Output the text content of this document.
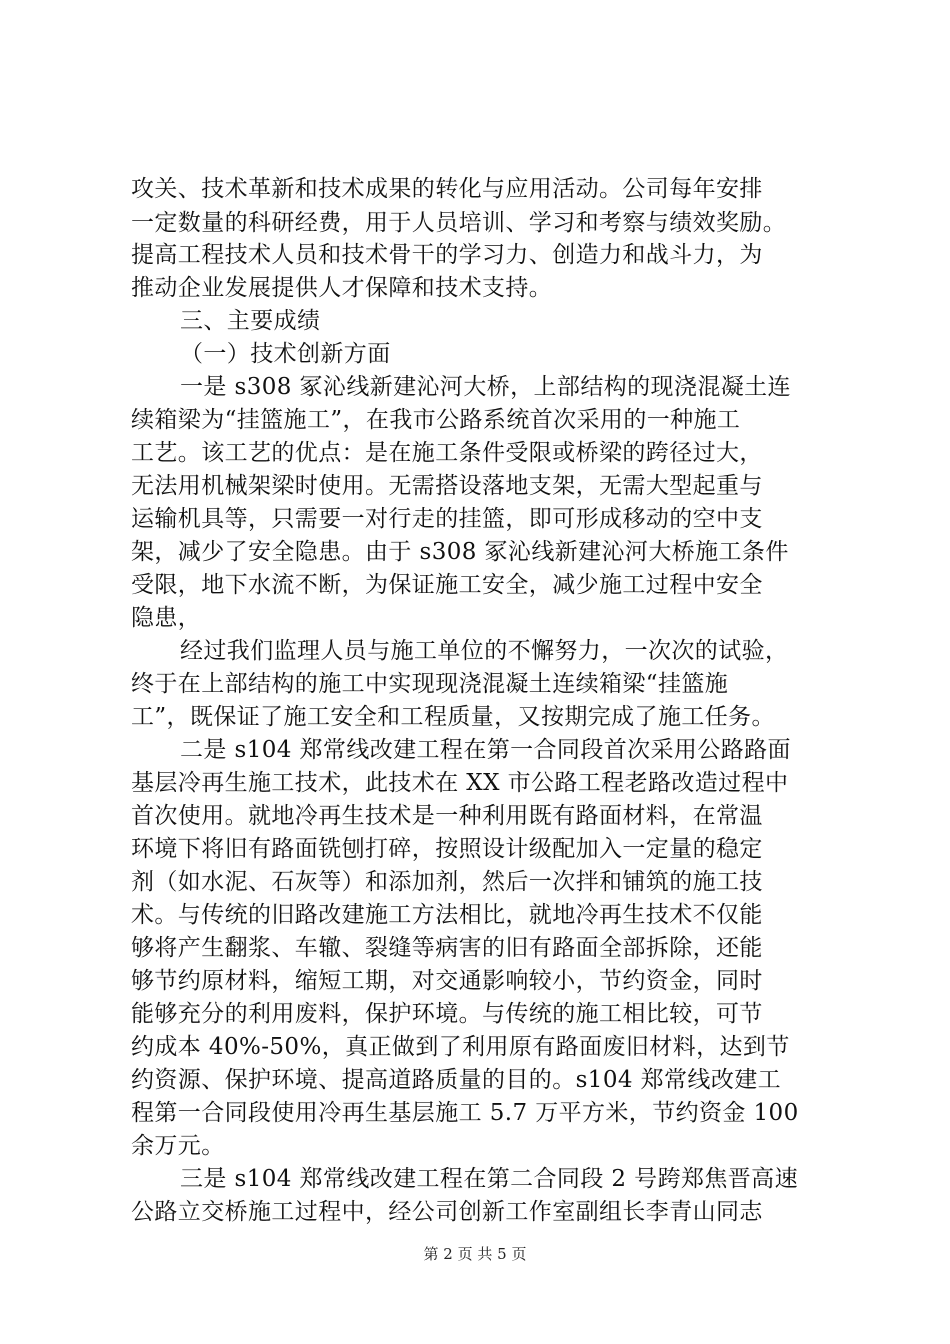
攻关、技术革新和技术成果的转化与应用活动。公司每年安排
一定数量的科研经费，用于人员培训、学习和考察与绩效奖励。
提高工程技术人员和技术骨干的学习力、创造力和战斗力，为
推动企业发展提供人才保障和技术支持。
三、主要成绩
（一）技术创新方面
一是 s308 冢沁线新建沁河大桥，上部结构的现浇混凝土连
续箱梁为“挂篮施工”，在我市公路系统首次采用的一种施工
工艺。该工艺的优点：是在施工条件受限或桥梁的跨径过大，
无法用机械架梁时使用。无需搭设落地支架，无需大型起重与
运输机具等，只需要一对行走的挂篮，即可形成移动的空中支
架，减少了安全隐患。由于 s308 冢沁线新建沁河大桥施工条件
受限，地下水流不断，为保证施工安全，减少施工过程中安全
隐患，
经过我们监理人员与施工单位的不懈努力，一次次的试验，
终于在上部结构的施工中实现现浇混凝土连续箱梁“挂篮施
工”，既保证了施工安全和工程质量，又按期完成了施工任务。
二是 s104 郑常线改建工程在第一合同段首次采用公路路面
基层冷再生施工技术，此技术在 XX 市公路工程老路改造过程中
首次使用。就地冷再生技术是一种利用既有路面材料，在常温
环境下将旧有路面铣刨打碎，按照设计级配加入一定量的稳定
剂（如水泥、石灰等）和添加剂，然后一次拌和铺筑的施工技
术。与传统的旧路改建施工方法相比，就地冷再生技术不仅能
够将产生翻浆、车辙、裂缝等病害的旧有路面全部拆除，还能
够节约原材料，缩短工期，对交通影响较小，节约资金，同时
能够充分的利用废料，保护环境。与传统的施工相比较，可节
约成本 40%-50%，真正做到了利用原有路面废旧材料，达到节
约资源、保护环境、提高道路质量的目的。s104 郑常线改建工
程第一合同段使用冷再生基层施工 5.7 万平方米，节约资金 100
余万元。
三是 s104 郑常线改建工程在第二合同段 2 号跨郑焦晋高速
公路立交桥施工过程中，经公司创新工作室副组长李青山同志
第 2 页 共 5 页
